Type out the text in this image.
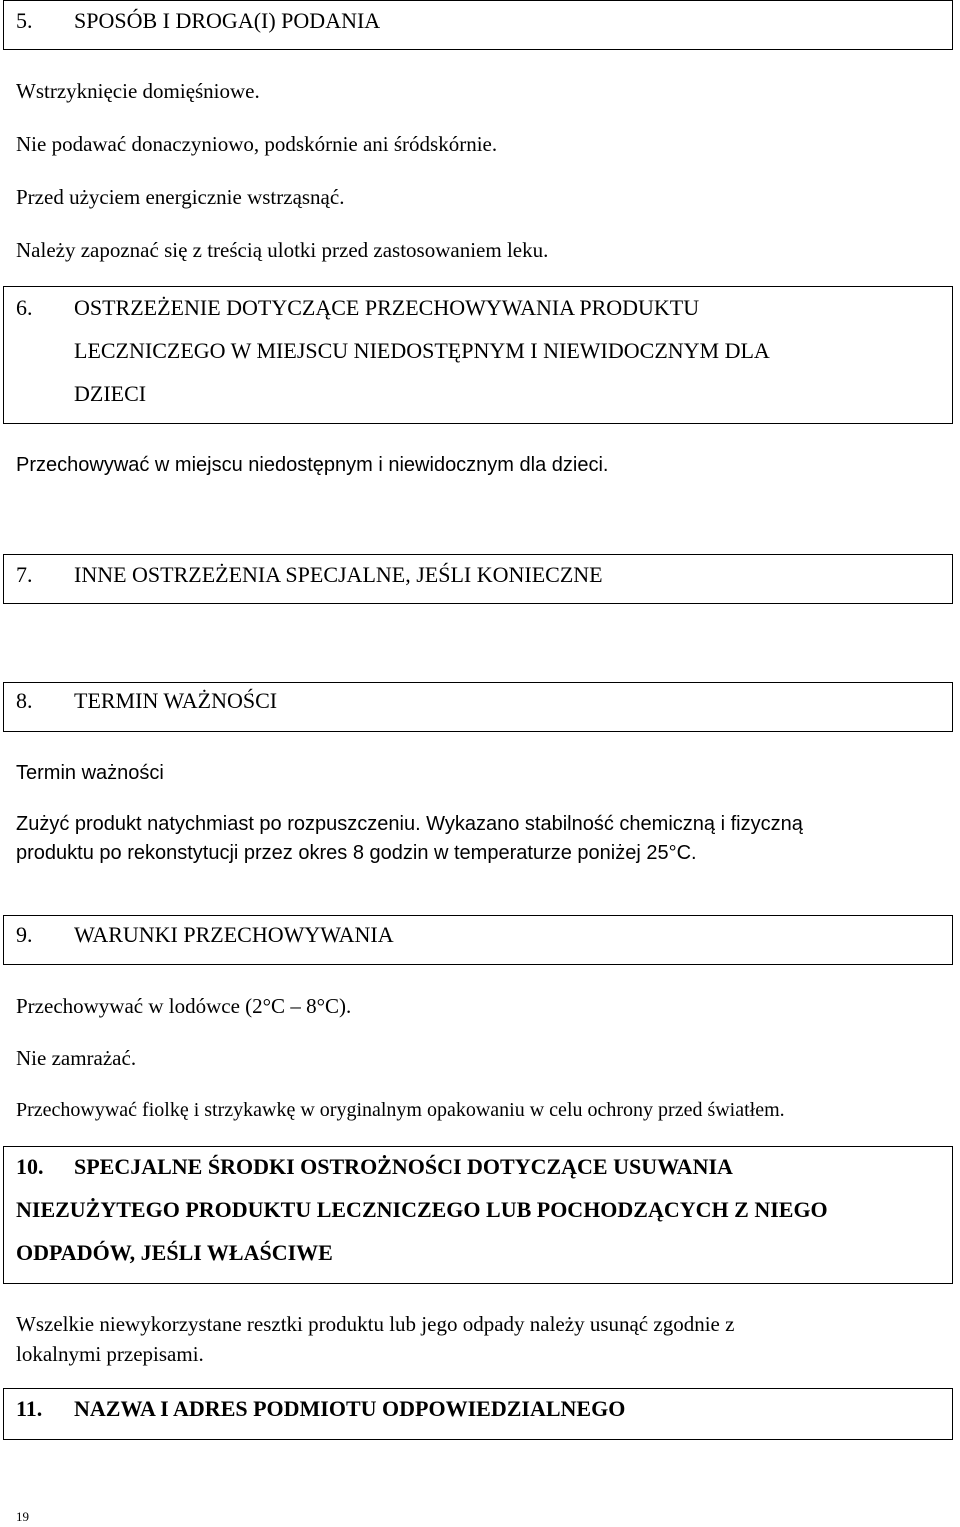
5. SPOSÓB I DROGA(I) PODANIA
Wstrzyknięcie domięśniowe.
Nie podawać donaczyniowo, podskórnie ani śródskórnie.
Przed użyciem energicznie wstrząsnąć.
Należy zapoznać się z treścią ulotki przed zastosowaniem leku.
6. OSTRZEŻENIE DOTYCZĄCE PRZECHOWYWANIA PRODUKTU
LECZNICZEGO W MIEJSCU NIEDOSTĘPNYM I NIEWIDOCZNYM DLA
DZIECI
Przechowywać w miejscu niedostępnym i niewidocznym dla dzieci.
7. INNE OSTRZEŻENIA SPECJALNE, JEŚLI KONIECZNE
8. TERMIN WAŻNOŚCI
Termin ważności
Zużyć produkt natychmiast po rozpuszczeniu. Wykazano stabilność chemiczną i fizyczną
produktu po rekonstytucji przez okres 8 godzin w temperaturze poniżej 25°C.
9. WARUNKI PRZECHOWYWANIA
Przechowywać w lodówce (2°C – 8°C).
Nie zamrażać.
Przechowywać fiolkę i strzykawkę w oryginalnym opakowaniu w celu ochrony przed światłem.
10. SPECJALNE ŚRODKI OSTROŻNOŚCI DOTYCZĄCE USUWANIA
NIEZUŻYTEGO PRODUKTU LECZNICZEGO LUB POCHODZĄCYCH Z NIEGO
ODPADÓW, JEŚLI WŁAŚCIWE
Wszelkie niewykorzystane resztki produktu lub jego odpady należy usunąć zgodnie z
lokalnymi przepisami.
11. NAZWA I ADRES PODMIOTU ODPOWIEDZIALNEGO
19
